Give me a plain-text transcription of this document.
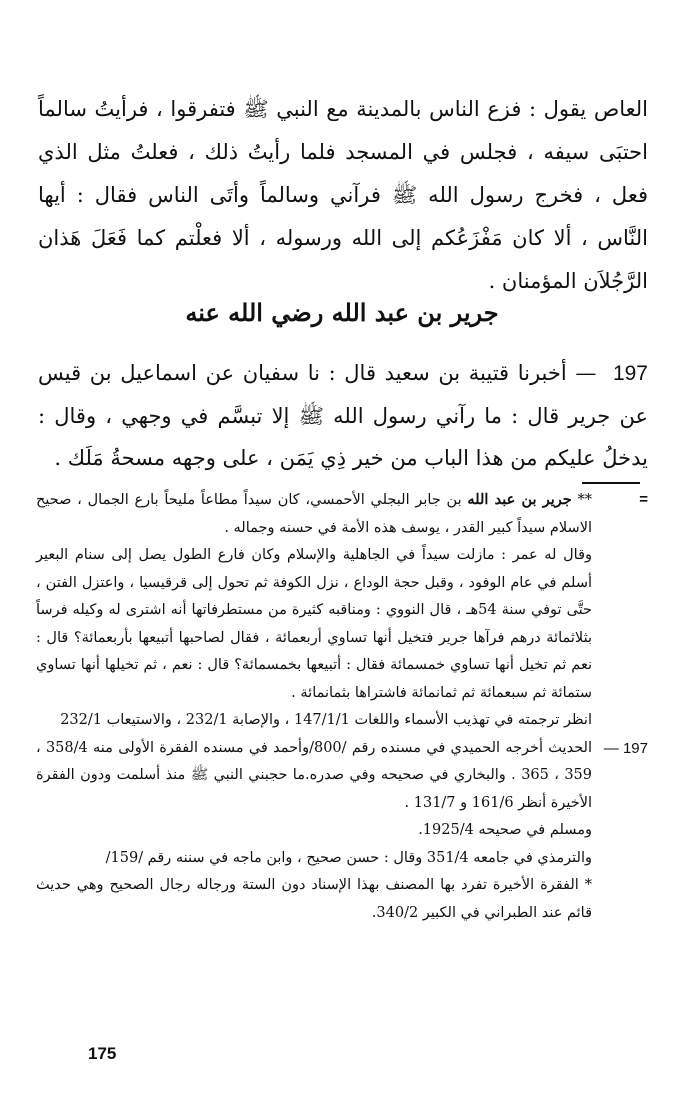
العاص يقول : فزع الناس بالمدينة مع النبي ﷺ فتفرقوا ، فرأيتُ سالماً احتبَى سيفه ، فجلس في المسجد فلما رأيتُ ذلك ، فعلتُ مثل الذي فعل ، فخرج رسول الله ﷺ فرآني وسالماً وأتَى الناس فقال : أيها النَّاس ، ألا كان مَفْزَعُكم إلى الله ورسوله ، ألا فعلْتم كما فَعَلَ هَذان الرَّجُلاَن المؤمنان .

جرير بن عبد الله رضي الله عنه

197 — أخبرنا قتيبة بن سعيد قال : نا سفيان عن اسماعيل بن قيس عن جرير قال : ما رآني رسول الله ﷺ إلا تبسَّم في وجهي ، وقال : يدخلُ عليكم من هذا الباب من خير ذِي يَمَن ، على وجهه مسحةُ مَلَك .

=
** جرير بن عبد الله بن جابر البجلي الأحمسي، كان سيداً مطاعاً مليحاً بارع الجمال ، صحيح الاسلام سيداً كبير القدر ، يوسف هذه الأمة في حسنه وجماله .
وقال له عمر : مازلت سيداً في الجاهلية والإسلام وكان فارع الطول يصل إلى سنام البعير أسلم في عام الوفود ، وقبل حجة الوداع ، نزل الكوفة ثم تحول إلى قرقيسيا ، واعتزل الفتن ، حتَّى توفي سنة 54هـ ، قال النووي : ومناقبه كثيرة من مستطرفاتها أنه اشترى له وكيله فرساً بثلاثمائة درهم فرآها جرير فتخيل أنها تساوي أربعمائة ، فقال لصاحبها أتبيعها بأربعمائة؟ قال : نعم ثم تخيل أنها تساوي خمسمائة فقال : أتبيعها بخمسمائة؟ قال : نعم ، ثم تخيلها أنها تساوي ستمائة ثم سبعمائة ثم ثمانمائة فاشتراها بثمانمائة .
انظر ترجمته في تهذيب الأسماء واللغات 147/1/1 ، والإصابة 232/1 ، والاستيعاب 232/1
197 —
الحديث أخرجه الحميدي في مسنده رقم /800/وأحمد في مسنده الفقرة الأولى منه 358/4 ، 359 ، 365 . والبخاري في صحيحه وفي صدره.ما حجبني النبي ﷺ منذ أسلمت ودون الفقرة الأخيرة أنظر 161/6 و 131/7 .
ومسلم في صحيحه 1925/4.
والترمذي في جامعه 351/4 وقال : حسن صحيح ، وابن ماجه في سننه رقم /159/
* الفقرة الأخيرة تفرد بها المصنف بهذا الإسناد دون الستة ورجاله رجال الصحيح وهي حديث قائم عند الطبراني في الكبير 340/2.
175
